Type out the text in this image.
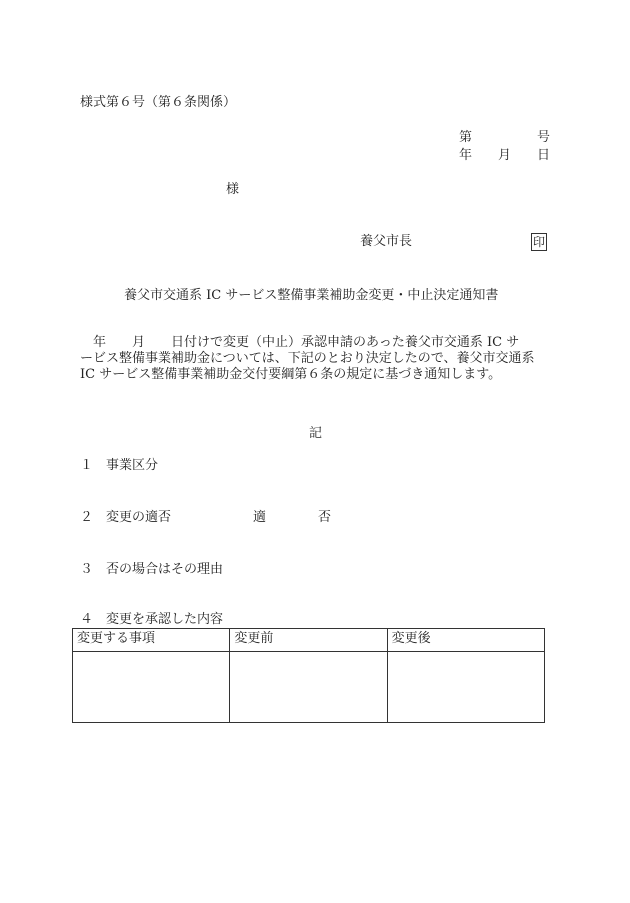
様式第６号（第６条関係）
第　　　　　号
年　　月　　日
様
養父市長	印
養父市交通系 IC サービス整備事業補助金変更・中止決定通知書
　年　　月　　日付けで変更（中止）承認申請のあった養父市交通系 IC サ
ービス整備事業補助金については、下記のとおり決定したので、養父市交通系
IC サービス整備事業補助金交付要綱第６条の規定に基づき通知します。
記
１　事業区分
２　変更の適否	適	否
３　否の場合はその理由
４　変更を承認した内容
変更する事項	変更前	変更後
